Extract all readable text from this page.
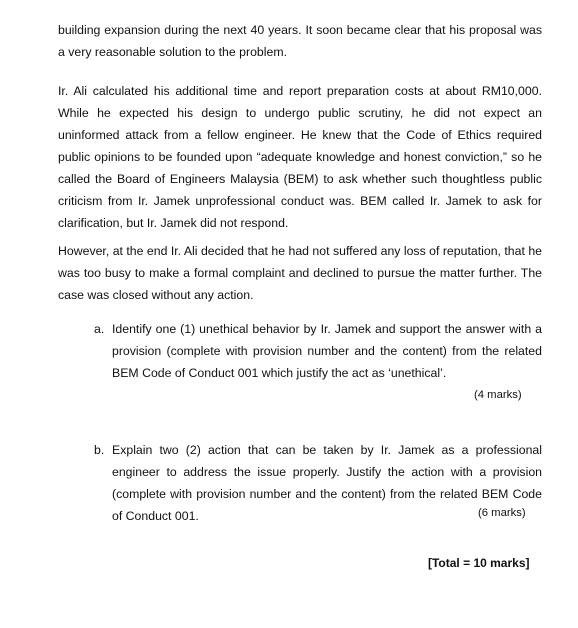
building expansion during the next 40 years. It soon became clear that his proposal was a very reasonable solution to the problem.

Ir. Ali calculated his additional time and report preparation costs at about RM10,000. While he expected his design to undergo public scrutiny, he did not expect an uninformed attack from a fellow engineer. He knew that the Code of Ethics required public opinions to be founded upon “adequate knowledge and honest conviction,” so he called the Board of Engineers Malaysia (BEM) to ask whether such thoughtless public criticism from Ir. Jamek unprofessional conduct was. BEM called Ir. Jamek to ask for clarification, but Ir. Jamek did not respond.

However, at the end Ir. Ali decided that he had not suffered any loss of reputation, that he was too busy to make a formal complaint and declined to pursue the matter further. The case was closed without any action.

a. Identify one (1) unethical behavior by Ir. Jamek and support the answer with a provision (complete with provision number and the content) from the related BEM Code of Conduct 001 which justify the act as ‘unethical’.

(4 marks)
b. Explain two (2) action that can be taken by Ir. Jamek as a professional engineer to address the issue properly. Justify the action with a provision (complete with provision number and the content) from the related BEM Code of Conduct 001.	(6 marks)
[Total = 10 marks]
